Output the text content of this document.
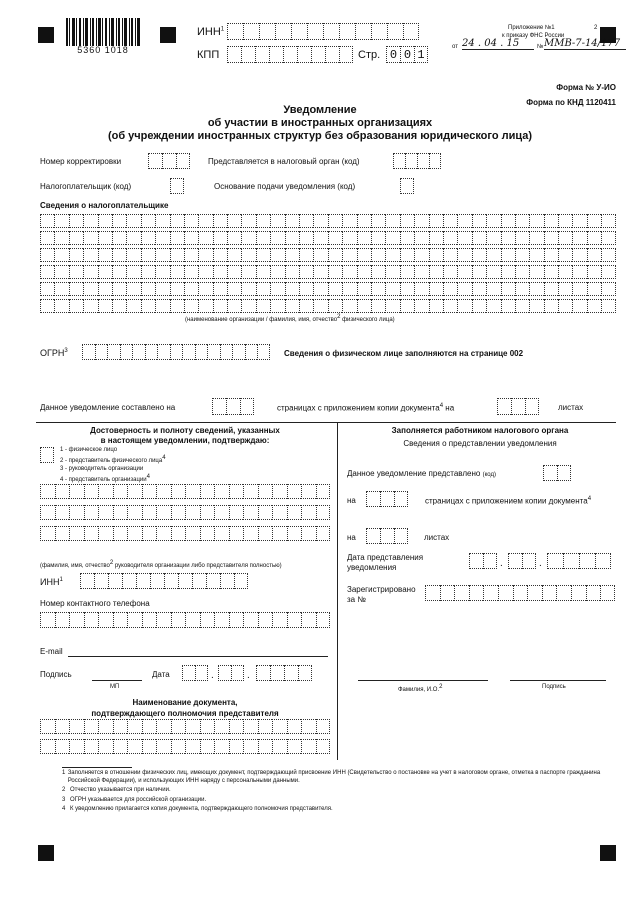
5360 1018
ИНН$^1$
КПП	Стр. 0 0 1
Приложение №1	2
к приказу ФНС России
от 24 . 04 . 15	№ ММВ-7-14/177
Форма № У-ИО
Форма по КНД 1120411
Уведомление
об участии в иностранных организациях
(об учреждении иностранных структур без образования юридического лица)
Номер корректировки	Представляется в налоговый орган (код)
Налогоплательщик (код)	Основание подачи уведомления (код)
Сведения о налогоплательщике
(наименование организации / фамилия, имя, отчество$^2$ физического лица)
ОГРН$^3$	Сведения о физическом лице заполняются на странице 002
Данное уведомление составлено на	страницах с приложением копии документа$^4$ на	листах
Достоверность и полноту сведений, указанных
в настоящем уведомлении, подтверждаю:
1 - физическое лицо
2 - представитель физического лица$^4$
3 - руководитель организации
4 - представитель организации$^4$
(фамилия, имя, отчество$^2$ руководителя организации либо представителя полностью)
ИНН$^1$
Номер контактного телефона
E-mail
Подпись	Дата	.	.
МП
Наименование документа,
подтверждающего полномочия представителя
Заполняется работником налогового органа
Сведения о представлении уведомления
Данное уведомление представлено (код)
на	страницах с приложением копии документа$^4$
на	листах
Дата представления
уведомления	.	.
Зарегистрировано
за №
Фамилия, И.О.$^2$	Подпись
1 Заполняется в отношении физических лиц, имеющих документ, подтверждающий присвоение ИНН (Свидетельство о постановке на учет в налоговом органе, отметка в паспорте гражданина Российской Федерации), и использующих ИНН наряду с персональными данными.
2 Отчество указывается при наличии.
3 ОГРН указывается для российской организации.
4 К уведомлению прилагается копия документа, подтверждающего полномочия представителя.
